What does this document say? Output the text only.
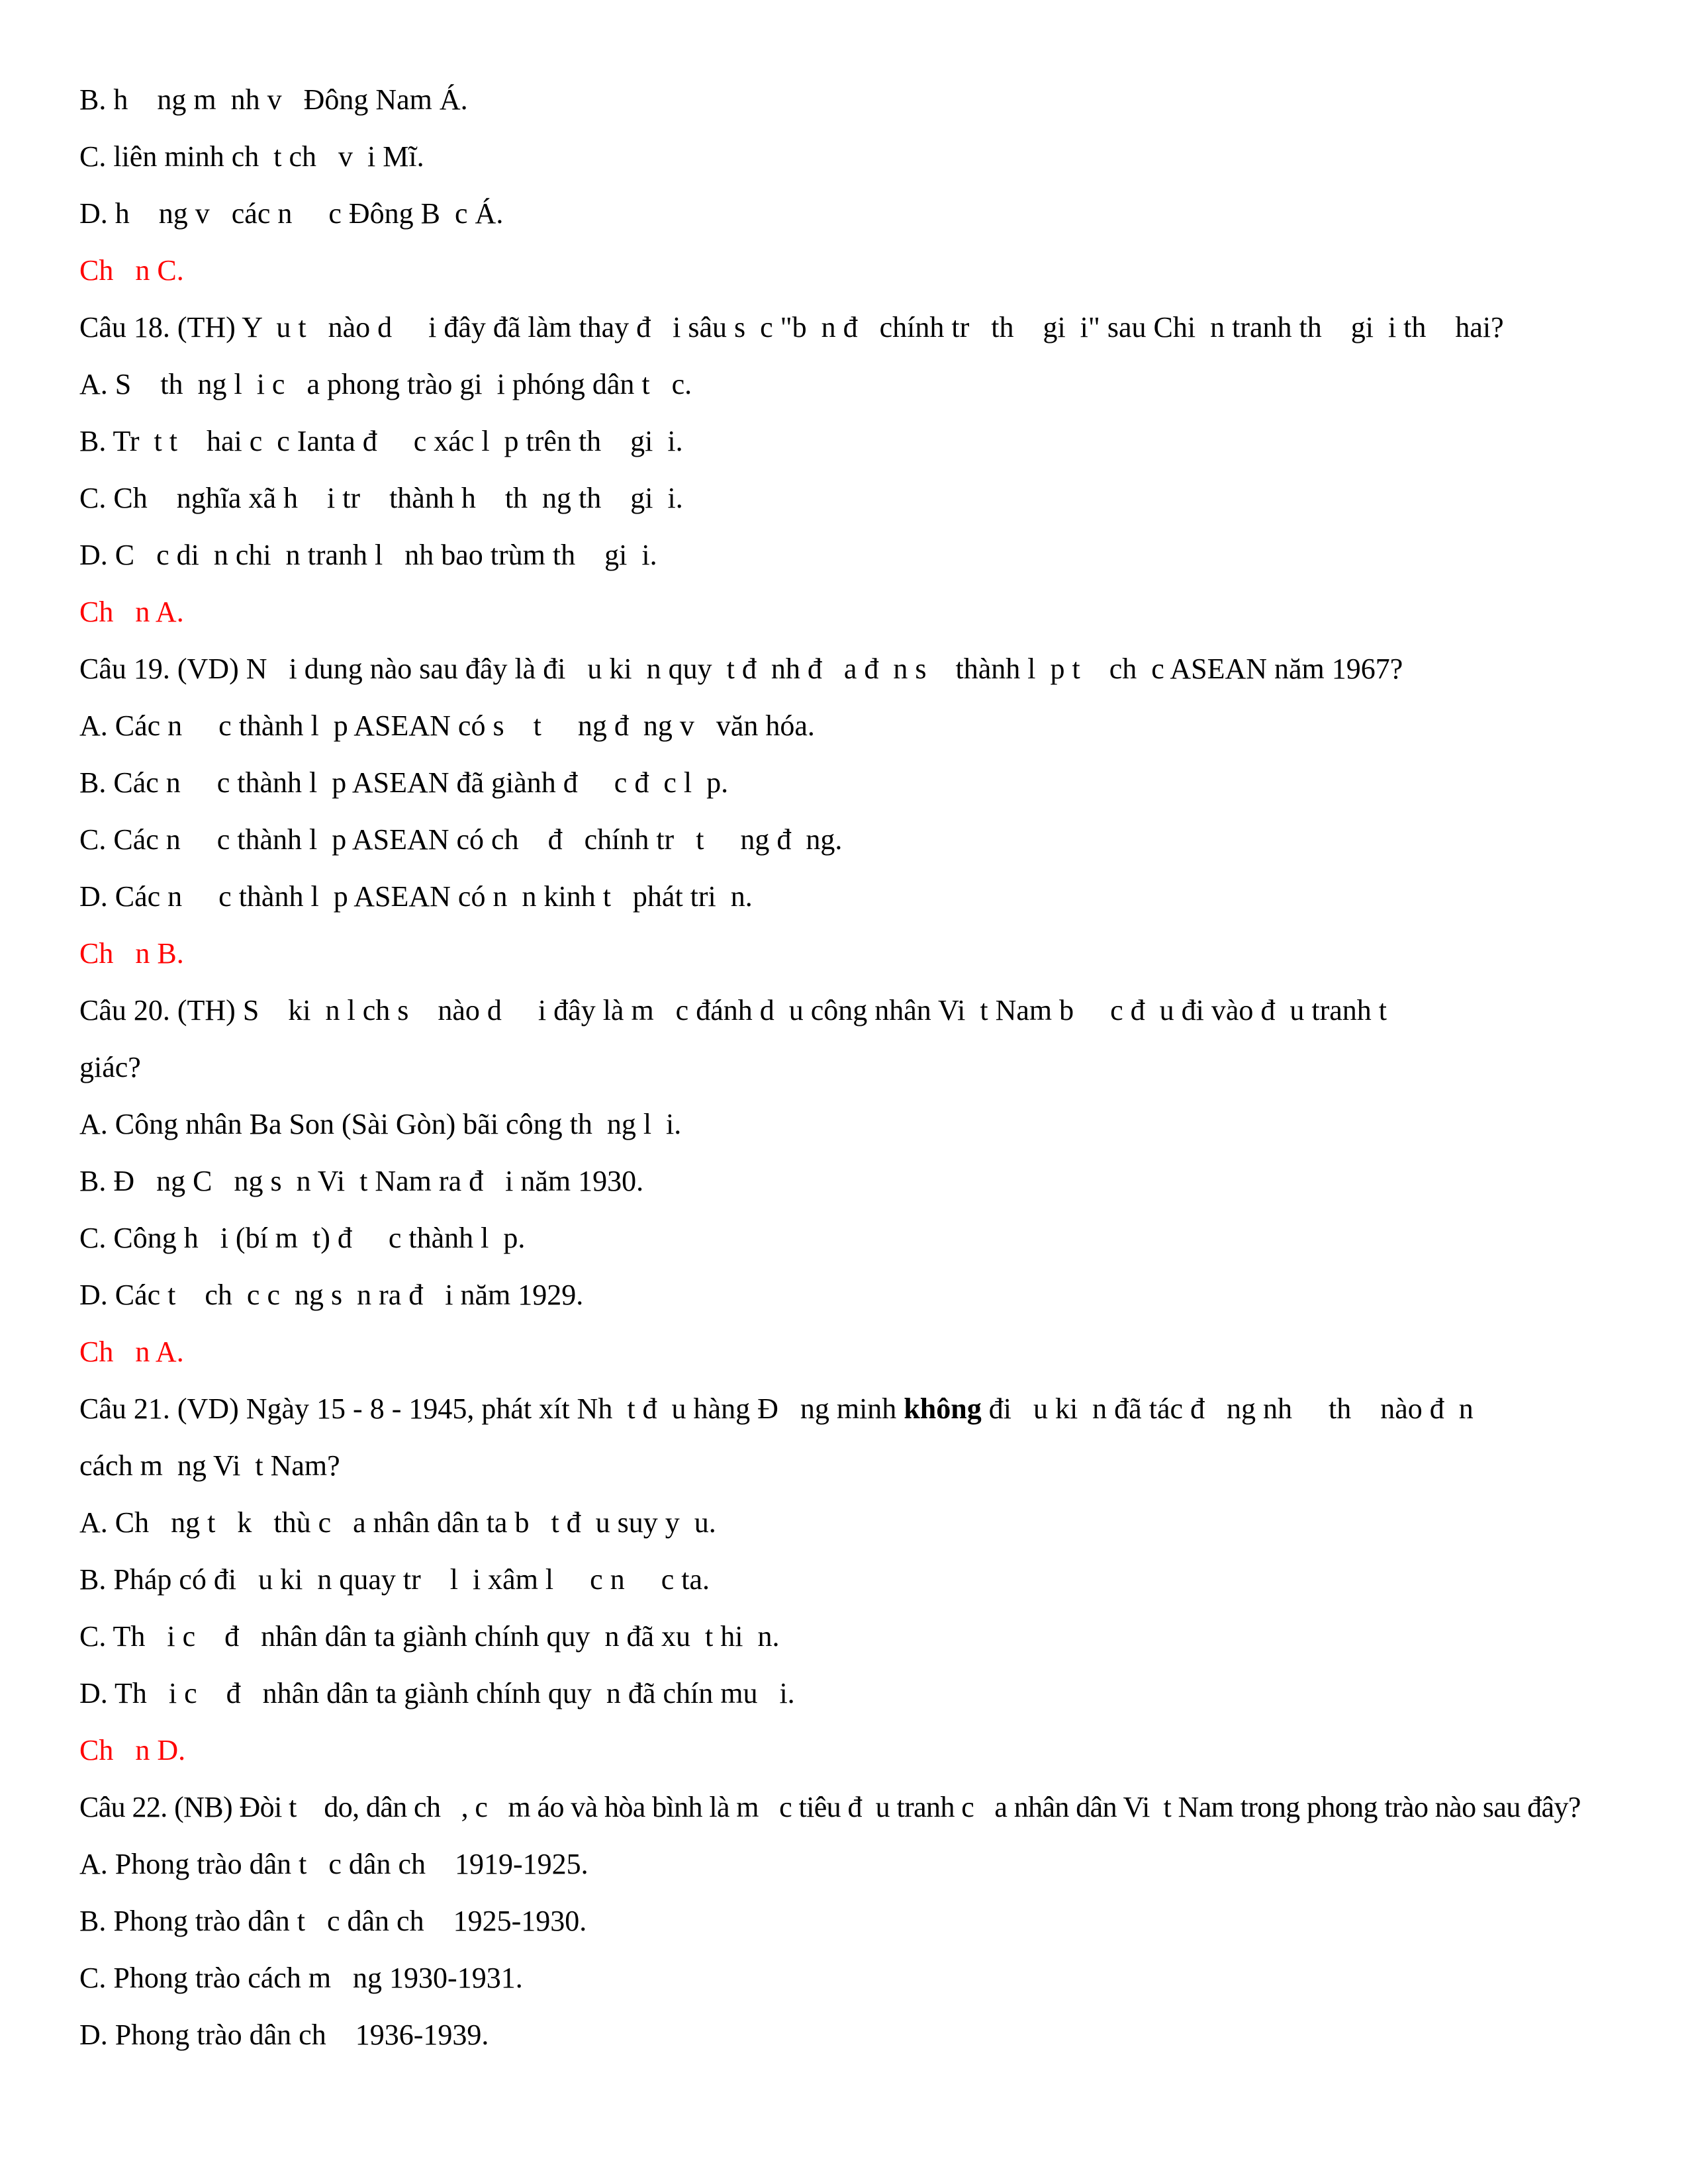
B. h    ng m  nh v   Đông Nam Á.

C. liên minh ch  t ch   v  i Mĩ.

D. h    ng v   các n     c Đông B  c Á.

Ch   n C.

Câu 18. (TH) Y  u t   nào d     i đây đã làm thay đ   i sâu s  c "b  n đ   chính tr   th    gi  i" sau Chi  n tranh th    gi  i th    hai?

A. S    th  ng l  i c   a phong trào gi  i phóng dân t   c.

B. Tr  t t    hai c  c Ianta đ     c xác l  p trên th    gi  i.

C. Ch    nghĩa xã h    i tr    thành h    th  ng th    gi  i.

D. C   c di  n chi  n tranh l   nh bao trùm th    gi  i.

Ch   n A.

Câu 19. (VD) N   i dung nào sau đây là đi   u ki  n quy  t đ  nh đ   a đ  n s    thành l  p t    ch  c ASEAN năm 1967?

A. Các n     c thành l  p ASEAN có s    t     ng đ  ng v   văn hóa.

B. Các n     c thành l  p ASEAN đã giành đ     c đ  c l  p.

C. Các n     c thành l  p ASEAN có ch    đ   chính tr   t     ng đ  ng.

D. Các n     c thành l  p ASEAN có n  n kinh t   phát tri  n.

Ch   n B.

Câu 20. (TH) S    ki  n l ch s    nào d     i đây là m   c đánh d  u công nhân Vi  t Nam b     c đ  u đi vào đ  u tranh t

giác?

A. Công nhân Ba Son (Sài Gòn) bãi công th  ng l  i.

B. Đ   ng C   ng s  n Vi  t Nam ra đ   i năm 1930.

C. Công h   i (bí m  t) đ     c thành l  p.

D. Các t    ch  c c  ng s  n ra đ   i năm 1929.

Ch   n A.

Câu 21. (VD) Ngày 15 - 8 - 1945, phát xít Nh  t đ  u hàng Đ   ng minh không đi   u ki  n đã tác đ   ng nh     th    nào đ  n

cách m  ng Vi  t Nam?

A. Ch   ng t   k   thù c   a nhân dân ta b   t đ  u suy y  u.

B. Pháp có đi   u ki  n quay tr    l  i xâm l     c n     c ta.

C. Th   i c    đ   nhân dân ta giành chính quy  n đã xu  t hi  n.

D. Th   i c    đ   nhân dân ta giành chính quy  n đã chín mu   i.

Ch   n D.

Câu 22. (NB) Đòi t    do, dân ch   , c   m áo và hòa bình là m   c tiêu đ  u tranh c   a nhân dân Vi  t Nam trong phong trào nào sau đây?

A. Phong trào dân t   c dân ch    1919-1925.

B. Phong trào dân t   c dân ch    1925-1930.

C. Phong trào cách m   ng 1930-1931.

D. Phong trào dân ch    1936-1939.
